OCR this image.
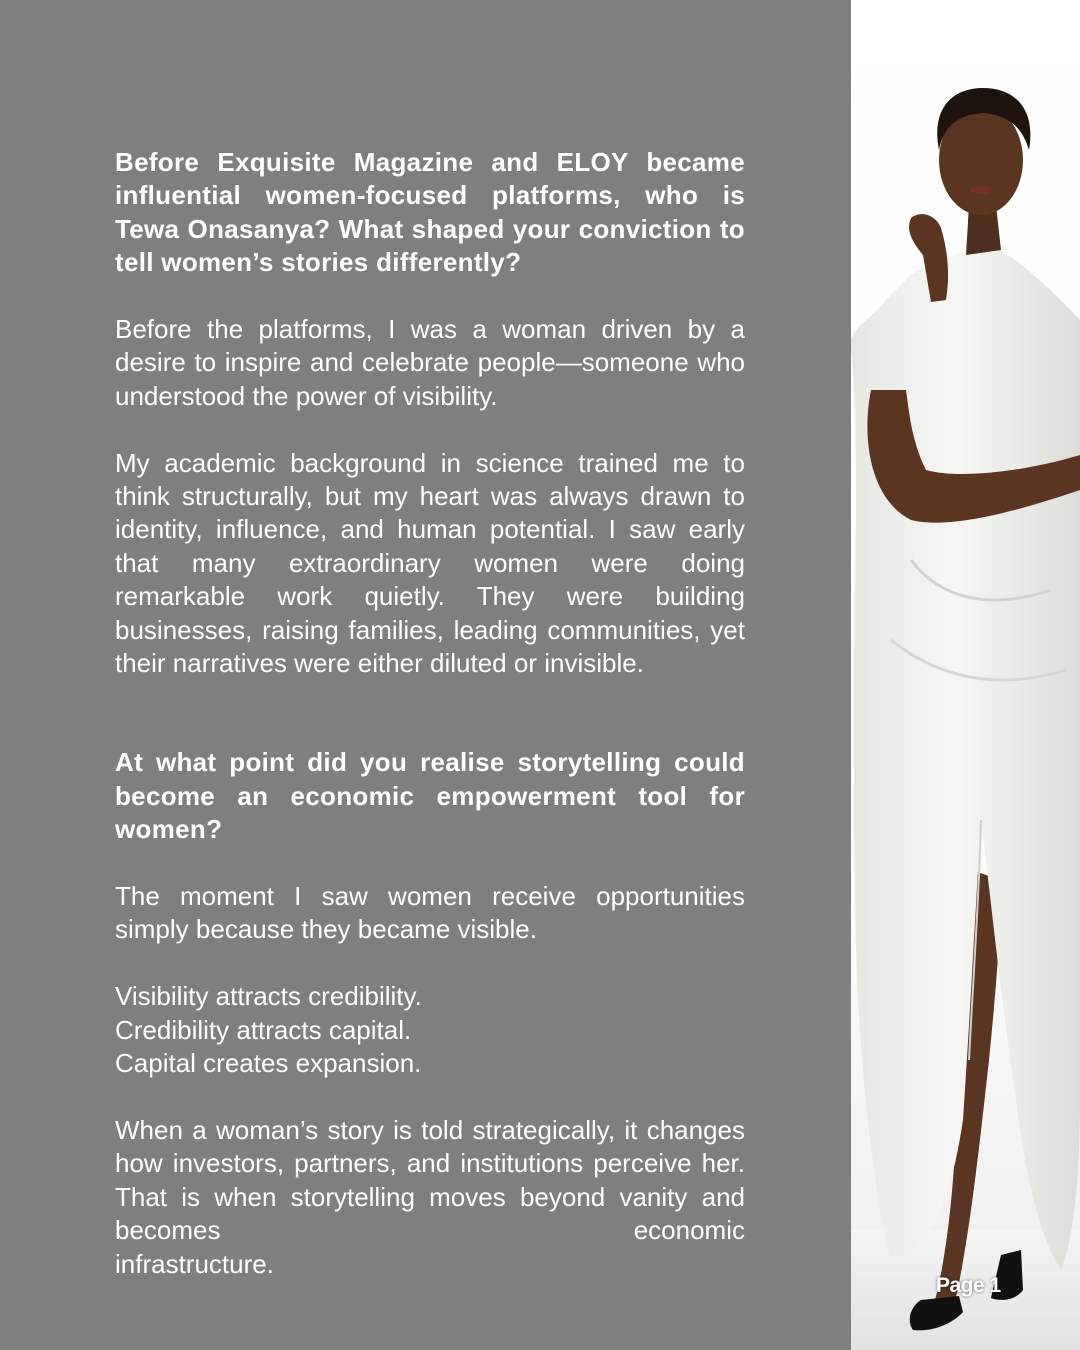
Before Exquisite Magazine and ELOY became influential women-focused platforms, who is Tewa Onasanya? What shaped your conviction to tell women’s stories differently?

Before the platforms, I was a woman driven by a desire to inspire and celebrate people—someone who understood the power of visibility.

My academic background in science trained me to think structurally, but my heart was always drawn to identity, influence, and human potential. I saw early that many extraordinary women were doing remarkable work quietly. They were building businesses, raising families, leading communities, yet their narratives were either diluted or invisible.

At what point did you realise storytelling could become an economic empowerment tool for women?

The moment I saw women receive opportunities simply because they became visible.

Visibility attracts credibility.

Credibility attracts capital.

Capital creates expansion.

When a woman’s story is told strategically, it changes how investors, partners, and institutions perceive her. That is when storytelling moves beyond vanity and becomes economic
infrastructure.

Page 1
